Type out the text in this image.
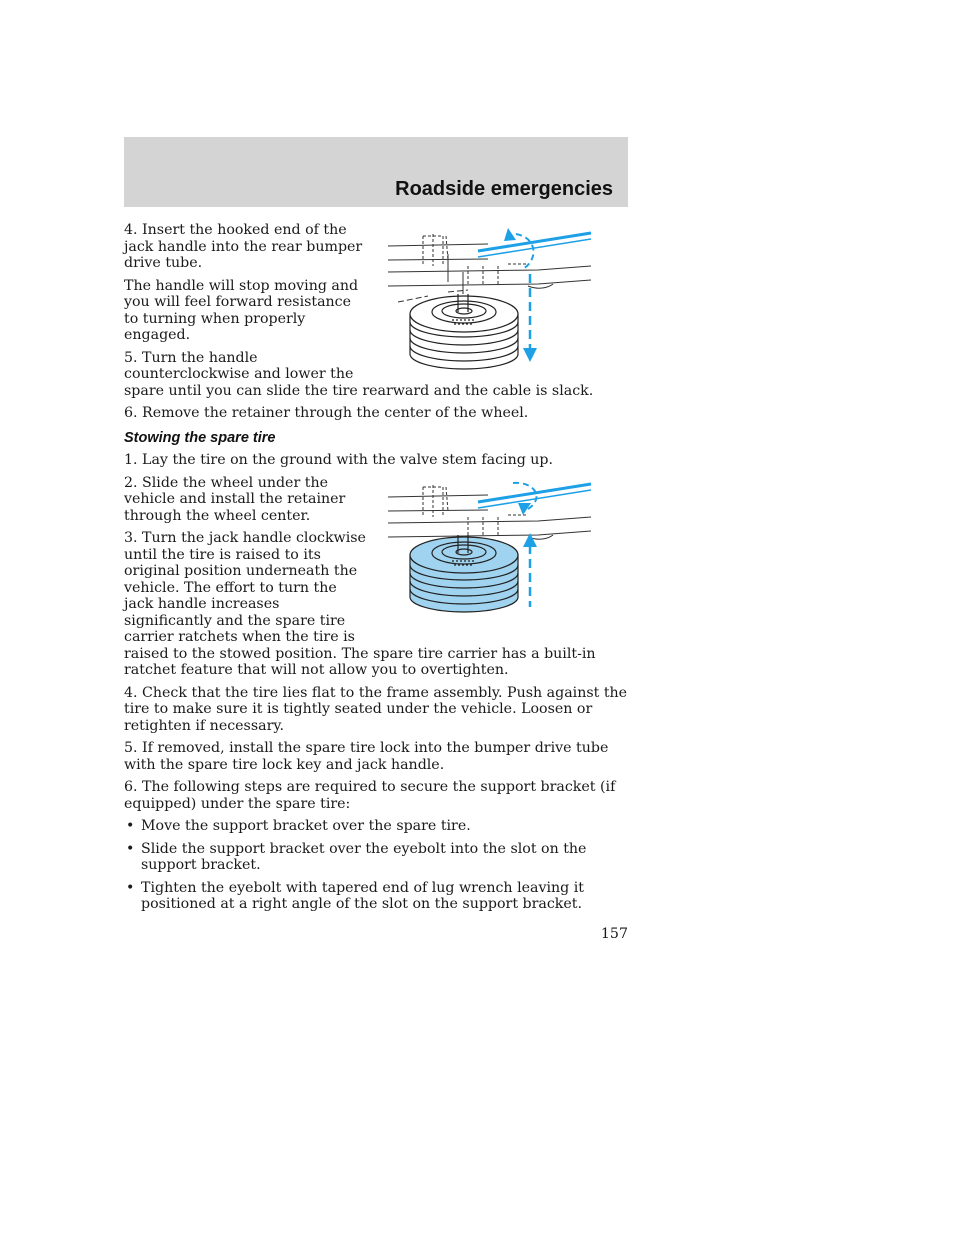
Roadside emergencies

4. Insert the hooked end of the jack handle into the rear bumper drive tube.

The handle will stop moving and you will feel forward resistance to turning when properly engaged.

5. Turn the handle counterclockwise and lower the spare until you can slide the tire rearward and the cable is slack.

6. Remove the retainer through the center of the wheel.

Stowing the spare tire

1. Lay the tire on the ground with the valve stem facing up.

2. Slide the wheel under the vehicle and install the retainer through the wheel center.

3. Turn the jack handle clockwise until the tire is raised to its original position underneath the vehicle. The effort to turn the jack handle increases significantly and the spare tire carrier ratchets when the tire is raised to the stowed position. The spare tire carrier has a built-in ratchet feature that will not allow you to overtighten.

4. Check that the tire lies flat to the frame assembly. Push against the tire to make sure it is tightly seated under the vehicle. Loosen or retighten if necessary.

5. If removed, install the spare tire lock into the bumper drive tube with the spare tire lock key and jack handle.

6. The following steps are required to secure the support bracket (if equipped) under the spare tire:

• Move the support bracket over the spare tire.
• Slide the support bracket over the eyebolt into the slot on the support bracket.
• Tighten the eyebolt with tapered end of lug wrench leaving it positioned at a right angle of the slot on the support bracket.
157
